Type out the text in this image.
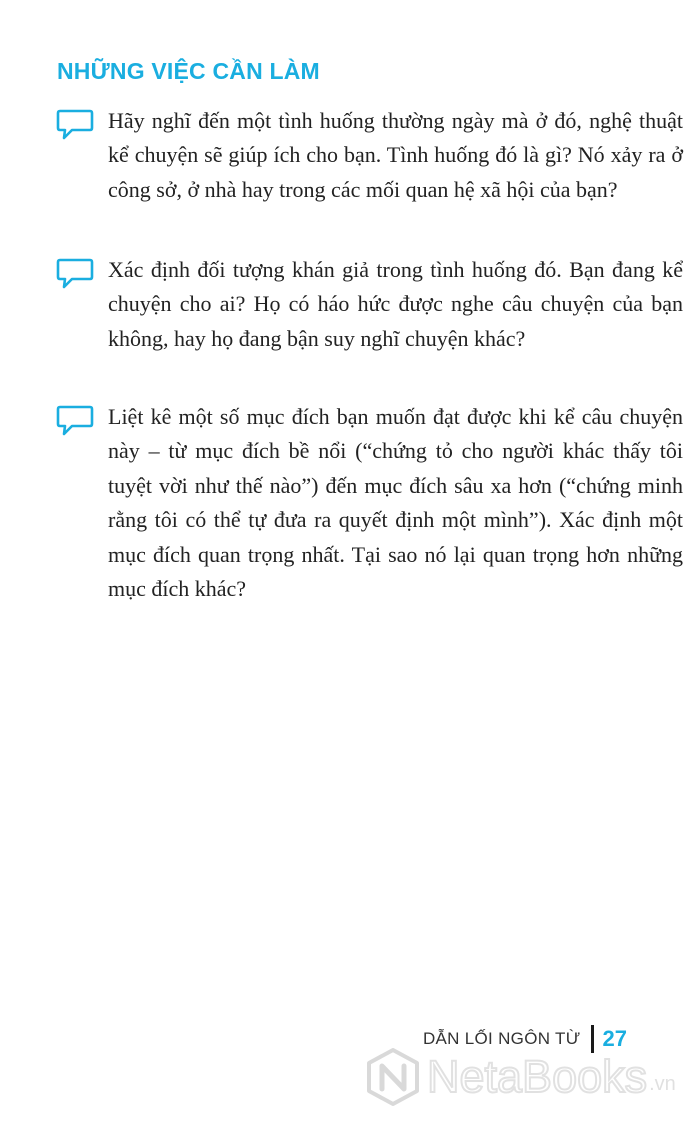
NHỮNG VIỆC CẦN LÀM

Hãy nghĩ đến một tình huống thường ngày mà ở đó, nghệ thuật kể chuyện sẽ giúp ích cho bạn. Tình huống đó là gì? Nó xảy ra ở công sở, ở nhà hay trong các mối quan hệ xã hội của bạn?

Xác định đối tượng khán giả trong tình huống đó. Bạn đang kể chuyện cho ai? Họ có háo hức được nghe câu chuyện của bạn không, hay họ đang bận suy nghĩ chuyện khác?

Liệt kê một số mục đích bạn muốn đạt được khi kể câu chuyện này – từ mục đích bề nổi (“chứng tỏ cho người khác thấy tôi tuyệt vời như thế nào”) đến mục đích sâu xa hơn (“chứng minh rằng tôi có thể tự đưa ra quyết định một mình”). Xác định một mục đích quan trọng nhất. Tại sao nó lại quan trọng hơn những mục đích khác?

DẪN LỐI NGÔN TỪ 27
NetaBooks .vn
